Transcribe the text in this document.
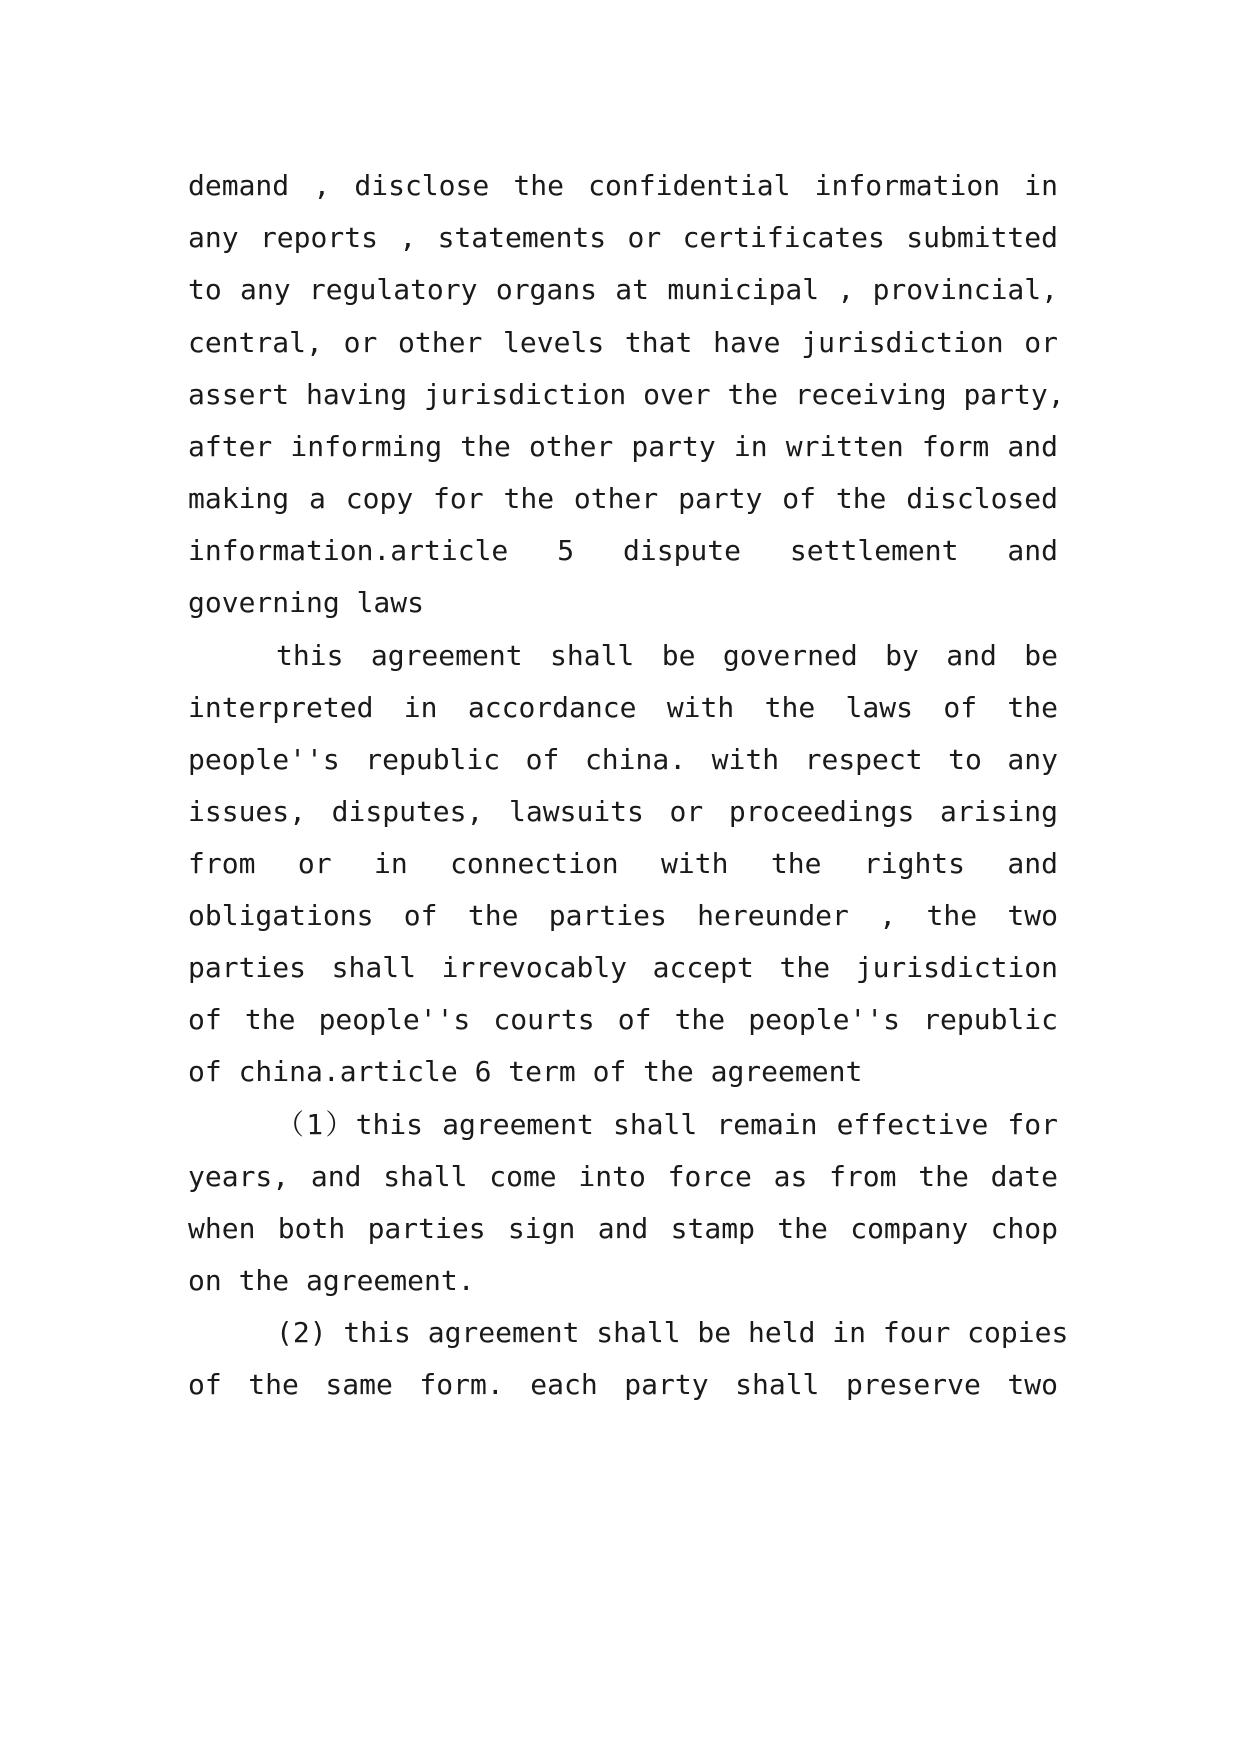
demand , disclose the confidential information in
any reports , statements or certificates submitted
to any regulatory organs at municipal , provincial,
central, or other levels that have jurisdiction or
assert having jurisdiction over the receiving party,
after informing the other party in written form and
making a copy for the other party of the disclosed
information.article 5 dispute settlement and
governing laws
this agreement shall be governed by and be
interpreted in accordance with the laws of the
people''s republic of china. with respect to any
issues, disputes, lawsuits or proceedings arising
from or in connection with the rights and
obligations of the parties hereunder , the two
parties shall irrevocably accept the jurisdiction
of the people''s courts of the people''s republic
of china.article 6 term of the agreement
（1）this agreement shall remain effective for
years, and shall come into force as from the date
when both parties sign and stamp the company chop
on the agreement.
(2) this agreement shall be held in four copies
of the same form. each party shall preserve two
